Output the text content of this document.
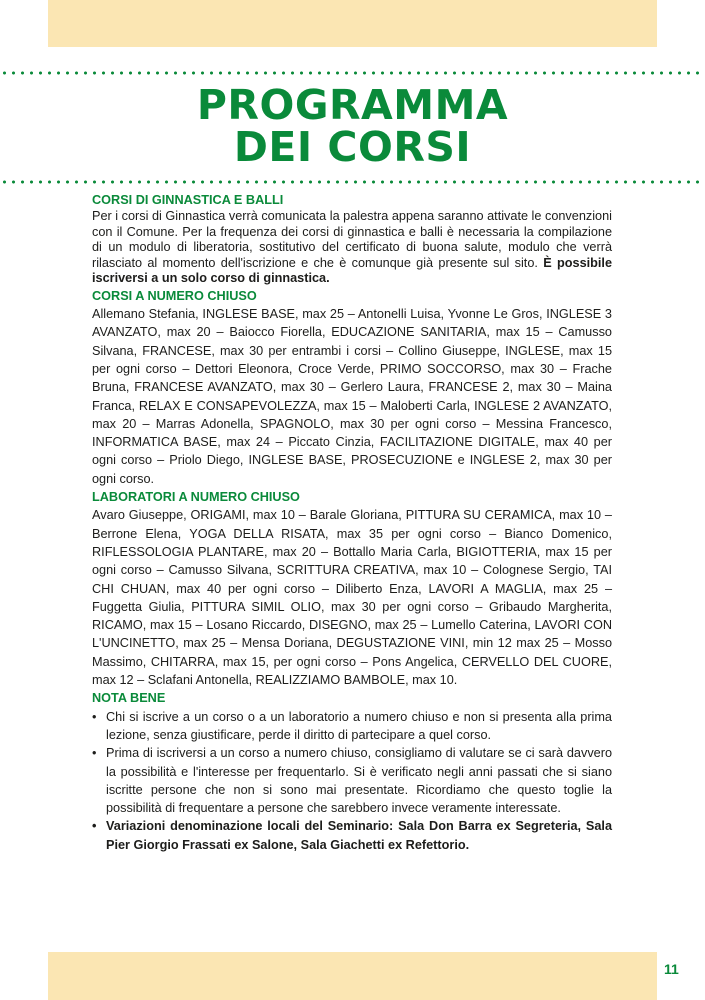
PROGRAMMA
DEI CORSI
CORSI DI GINNASTICA E BALLI

Per i corsi di Ginnastica verrà comunicata la palestra appena saranno attivate le convenzioni con il Comune. Per la frequenza dei corsi di ginnastica e balli è necessaria la compilazione di un modulo di liberatoria, sostitutivo del certificato di buona salute, modulo che verrà rilasciato al momento dell'iscrizione e che è comunque già presente sul sito. È possibile iscriversi a un solo corso di ginnastica.

CORSI A NUMERO CHIUSO

Allemano Stefania, INGLESE BASE, max 25 – Antonelli Luisa, Yvonne Le Gros, INGLESE 3 AVANZATO, max 20 – Baiocco Fiorella, EDUCAZIONE SANITARIA, max 15 – Camusso Silvana, FRANCESE, max 30 per entrambi i corsi – Collino Giuseppe, INGLESE, max 15 per ogni corso – Dettori Eleonora, Croce Verde, PRIMO SOCCORSO, max 30 – Frache Bruna, FRANCESE AVANZATO, max 30 – Gerlero Laura, FRANCESE 2, max 30 – Maina Franca, RELAX E CONSAPEVOLEZZA, max 15 – Maloberti Carla, INGLESE 2 AVANZATO, max 20 – Marras Adonella, SPAGNOLO, max 30 per ogni corso – Messina Francesco, INFORMATICA BASE, max 24 – Piccato Cinzia, FACILITAZIONE DIGITALE, max 40 per ogni corso – Priolo Diego, INGLESE BASE, PROSECUZIONE e INGLESE 2, max 30 per ogni corso.

LABORATORI A NUMERO CHIUSO

Avaro Giuseppe, ORIGAMI, max 10 – Barale Gloriana, PITTURA SU CERAMICA, max 10 – Berrone Elena, YOGA DELLA RISATA, max 35 per ogni corso – Bianco Domenico, RIFLESSOLOGIA PLANTARE, max 20 – Bottallo Maria Carla, BIGIOTTERIA, max 15 per ogni corso – Camusso Silvana, SCRITTURA CREATIVA, max 10 – Colognese Sergio, TAI CHI CHUAN, max 40 per ogni corso – Diliberto Enza, LAVORI A MAGLIA, max 25 – Fuggetta Giulia, PITTURA SIMIL OLIO, max 30 per ogni corso – Gribaudo Margherita, RICAMO, max 15 – Losano Riccardo, DISEGNO, max 25 – Lumello Caterina, LAVORI CON L'UNCINETTO, max 25 – Mensa Doriana, DEGUSTAZIONE VINI, min 12 max 25 – Mosso Massimo, CHITARRA, max 15, per ogni corso – Pons Angelica, CERVELLO DEL CUORE, max 12 – Sclafani Antonella, REALIZZIAMO BAMBOLE, max 10.

NOTA BENE
• Chi si iscrive a un corso o a un laboratorio a numero chiuso e non si presenta alla prima lezione, senza giustificare, perde il diritto di partecipare a quel corso.
• Prima di iscriversi a un corso a numero chiuso, consigliamo di valutare se ci sarà davvero la possibilità e l'interesse per frequentarlo. Si è verificato negli anni passati che si siano iscritte persone che non si sono mai presentate. Ricordiamo che questo toglie la possibilità di frequentare a persone che sarebbero invece veramente interessate.
• Variazioni denominazione locali del Seminario: Sala Don Barra ex Segreteria, Sala Pier Giorgio Frassati ex Salone, Sala Giachetti ex Refettorio.
11
